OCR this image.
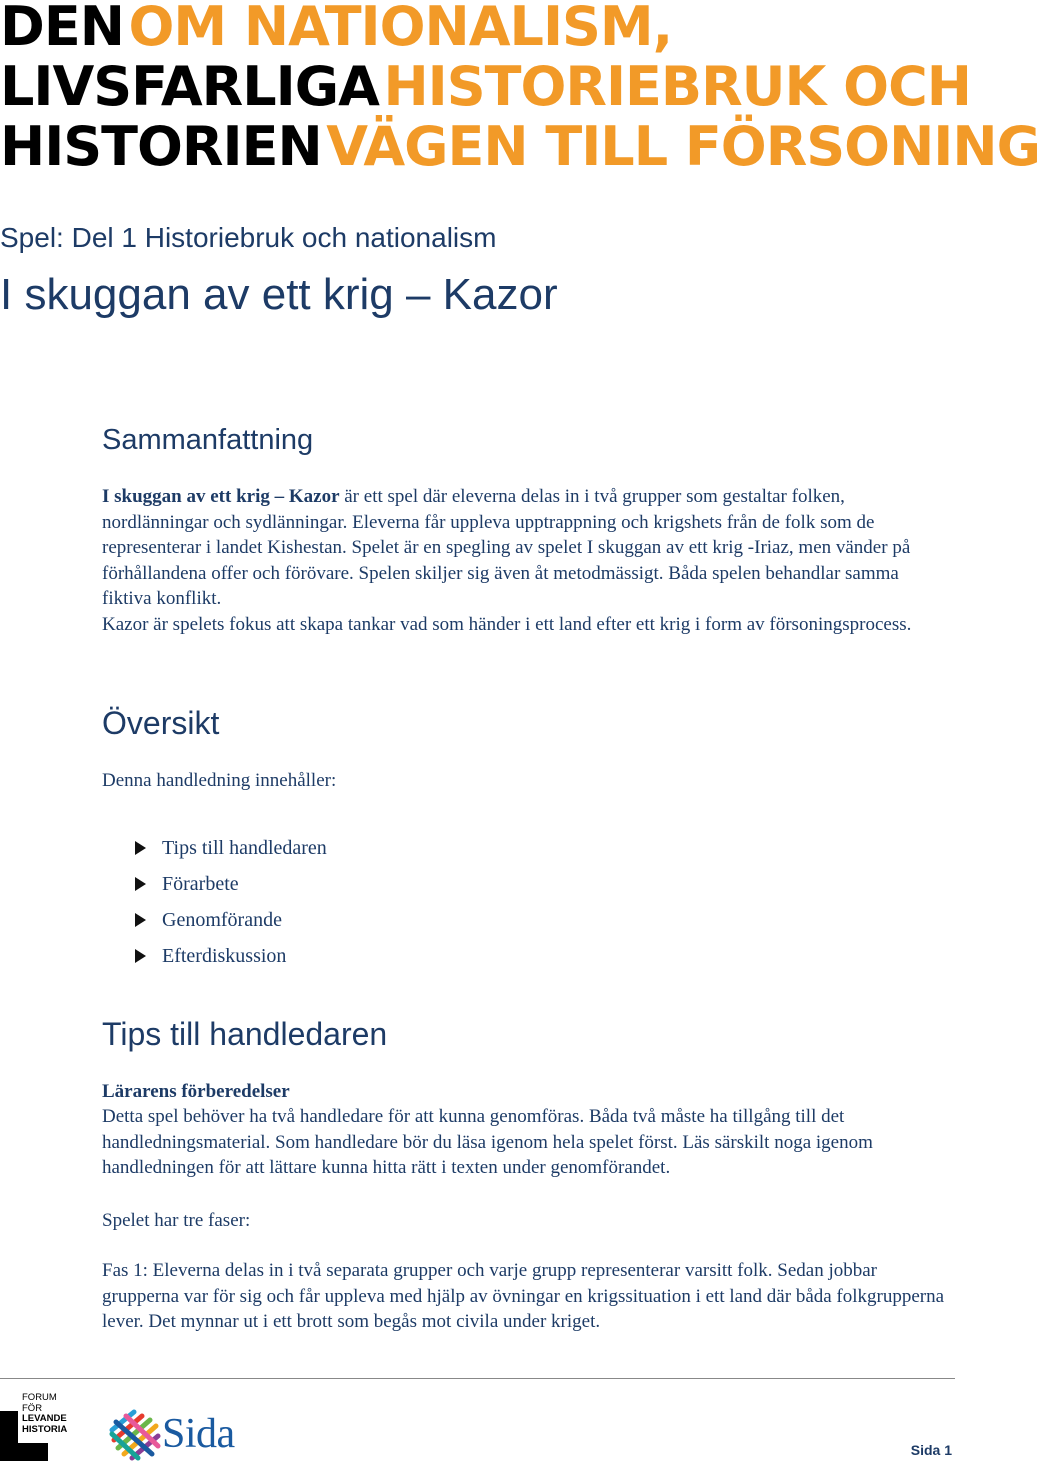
DEN OM NATIONALISM,
LIVSFARLIGA HISTORIEBRUK OCH
HISTORIEN VÄGEN TILL FÖRSONING
Spel: Del 1 Historiebruk och nationalism
I skuggan av ett krig – Kazor
Sammanfattning
I skuggan av ett krig – Kazor är ett spel där eleverna delas in i två grupper som gestaltar folken, nordlänningar och sydlänningar. Eleverna får uppleva upptrappning och krigshets från de folk som de representerar i landet Kishestan. Spelet är en spegling av spelet I skuggan av ett krig -Iriaz, men vänder på förhållandena offer och förövare. Spelen skiljer sig även åt metodmässigt. Båda spelen behandlar samma fiktiva konflikt.
Kazor är spelets fokus att skapa tankar vad som händer i ett land efter ett krig i form av försoningsprocess.
Översikt

Denna handledning innehåller:

Tips till handledaren
Förarbete
Genomförande
Efterdiskussion
Tips till handledaren

Lärarens förberedelser

Detta spel behöver ha två handledare för att kunna genomföras. Båda två måste ha tillgång till det handledningsmaterial. Som handledare bör du läsa igenom hela spelet först. Läs särskilt noga igenom handledningen för att lättare kunna hitta rätt i texten under genomförandet.

Spelet har tre faser:

Fas 1: Eleverna delas in i två separata grupper och varje grupp representerar varsitt folk. Sedan jobbar grupperna var för sig och får uppleva med hjälp av övningar en krigssituation i ett land där båda folkgrupperna lever. Det mynnar ut i ett brott som begås mot civila under kriget.

FORUM
FÖR
LEVANDE
HISTORIA Sida	Sida 1
